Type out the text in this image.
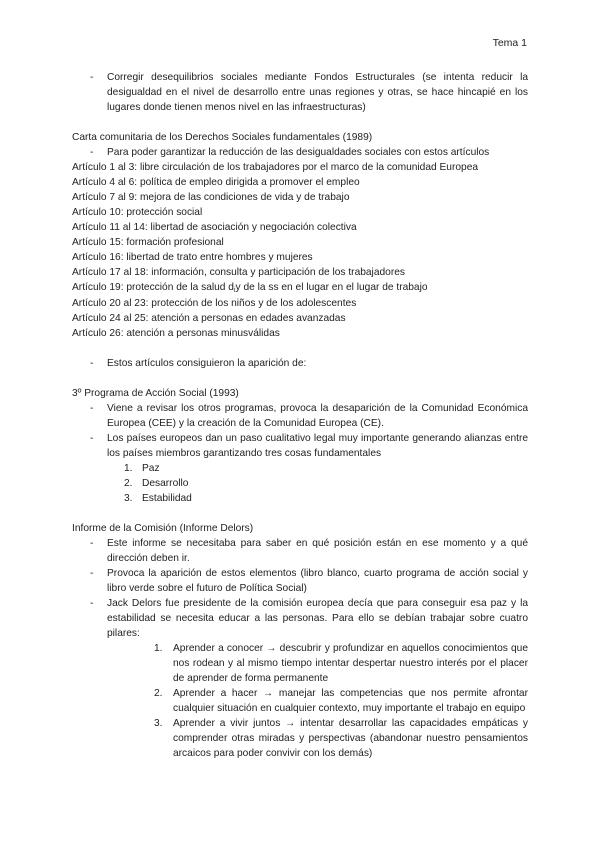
Tema 1

- Corregir desequilibrios sociales mediante Fondos Estructurales (se intenta reducir la desigualdad en el nivel de desarrollo entre unas regiones y otras, se hace hincapié en los lugares donde tienen menos nivel en las infraestructuras)

Carta comunitaria de los Derechos Sociales fundamentales (1989)

- Para poder garantizar la reducción de las desigualdades sociales con estos artículos

Artículo 1 al 3: libre circulación de los trabajadores por el marco de la comunidad Europea

Artículo 4 al 6: política de empleo dirigida a promover el empleo

Artículo 7 al 9: mejora de las condiciones de vida y de trabajo

Artículo 10: protección social

Artículo 11 al 14: libertad de asociación y negociación colectiva

Artículo 15: formación profesional

Artículo 16: libertad de trato entre hombres y mujeres

Artículo 17 al 18: información, consulta y participación de los trabajadores

Artículo 19: protección de la salud diy de la ss en el lugar en el lugar de trabajo

Artículo 20 al 23: protección de los niños y de los adolescentes

Artículo 24 al 25: atención a personas en edades avanzadas

Artículo 26: atención a personas minusválidas

- Estos artículos consiguieron la aparición de:

3º Programa de Acción Social (1993)

- Viene a revisar los otros programas, provoca la desaparición de la Comunidad Económica Europea (CEE) y la creación de la Comunidad Europea (CE).

- Los países europeos dan un paso cualitativo legal muy importante generando alianzas entre los países miembros garantizando tres cosas fundamentales

1. Paz

2. Desarrollo

3. Estabilidad

Informe de la Comisión (Informe Delors)

- Este informe se necesitaba para saber en qué posición están en ese momento y a qué dirección deben ir.

- Provoca la aparición de estos elementos (libro blanco, cuarto programa de acción social y libro verde sobre el futuro de Política Social)

- Jack Delors fue presidente de la comisión europea decía que para conseguir esa paz y la estabilidad se necesita educar a las personas. Para ello se debían trabajar sobre cuatro pilares:

1. Aprender a conocer → descubrir y profundizar en aquellos conocimientos que nos rodean y al mismo tiempo intentar despertar nuestro interés por el placer de aprender de forma permanente

2. Aprender a hacer → manejar las competencias que nos permite afrontar cualquier situación en cualquier contexto, muy importante el trabajo en equipo

3. Aprender a vivir juntos → intentar desarrollar las capacidades empáticas y comprender otras miradas y perspectivas (abandonar nuestro pensamientos arcaicos para poder convivir con los demás)
